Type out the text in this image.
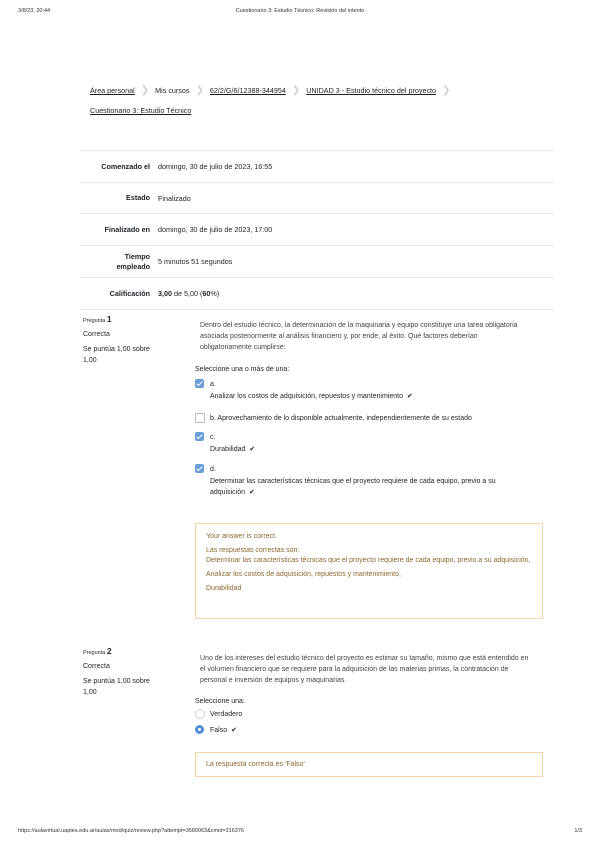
3/8/23, 20:44	Cuestionario 3: Estudio Técnico: Revisión del intento
Área personal ❯ Mis cursos ❯ 62/2/G/6/12388-344954 ❯ UNIDAD 3 - Estudio técnico del proyecto ❯
Cuestionario 3: Estudio Técnico
Comenzado el	domingo, 30 de julio de 2023, 16:55
Estado	Finalizado
Finalizado en	domingo, 30 de julio de 2023, 17:00
Tiempo
empleado	5 minutos 51 segundos
Calificación	3,00 de 5,00 (60%)
Pregunta 1
Correcta
Se puntúa 1,00 sobre 1,00
Dentro del estudio técnico, la determinación de la maquinaria y equipo constituye una tarea obligatoria asociada posteriormente al análisis financiero y, por ende, al éxito. Qué factores deberían obligatoriamente cumplirse:
Seleccione una o más de una:
a.
Analizar los costos de adquisición, repuestos y mantenimiento ✔
b. Aprovechamiento de lo disponible actualmente, independientemente de su estado
c.
Durabilidad ✔
d.
Determinar las características técnicas que el proyecto requiere de cada equipo, previo a su adquisición ✔

Your answer is correct.

Las respuestas correctas son:

Determinar las características técnicas que el proyecto requiere de cada equipo, previo a su adquisición,

Analizar los costos de adquisición, repuestos y mantenimiento,

Durabilidad

Pregunta 2
Correcta
Se puntúa 1,00 sobre 1,00
Uno de los intereses del estudio técnico del proyecto es estimar su tamaño, mismo que está entendido en el volumen financiero que se requiere para la adquisición de las materias primas, la contratación de personal e inversión de equipos y maquinarias.
Seleccione una:
Verdadero
Falso ✔

La respuesta correcta es 'Falso'

https://aulavirtual.uaptes.edu.ar/aulas/mod/quiz/review.php?attempt=3680063&cmid=316376	1/3
